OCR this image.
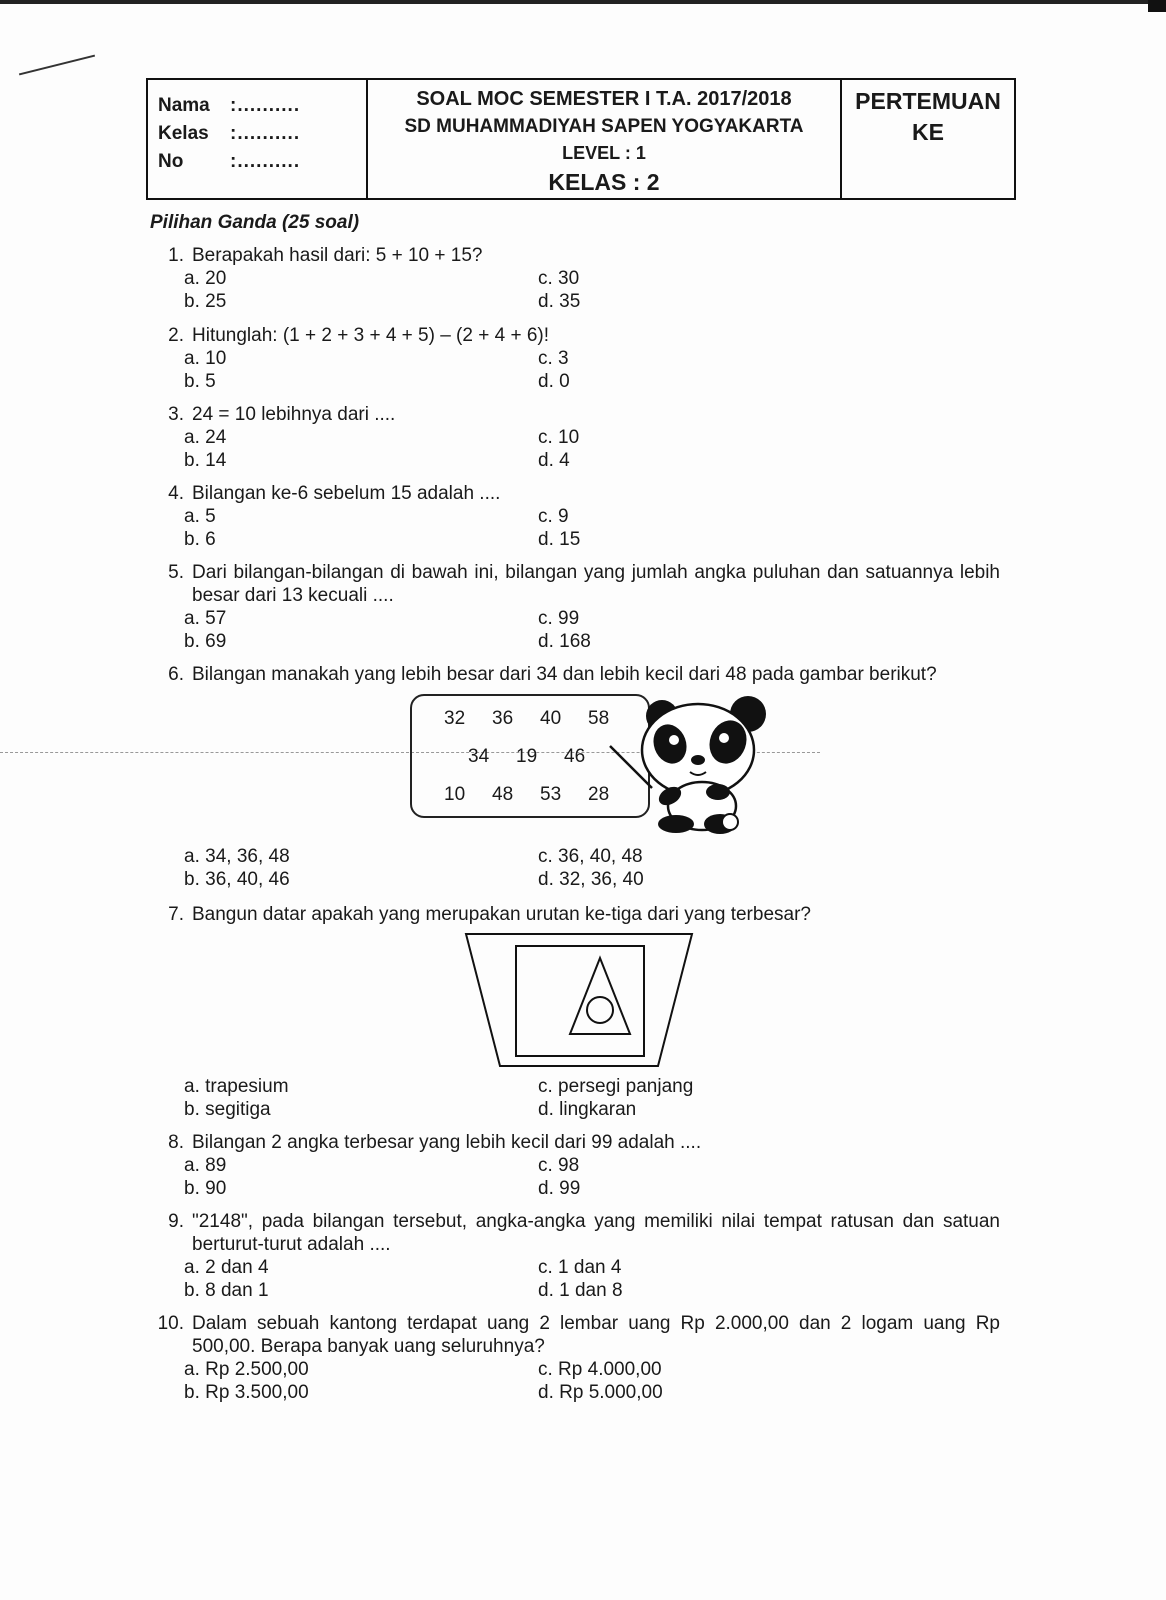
Nama	:..........
Kelas	:..........
No	:..........
SOAL MOC SEMESTER I T.A. 2017/2018
SD MUHAMMADIYAH SAPEN YOGYAKARTA
LEVEL : 1
KELAS : 2
PERTEMUAN
KE
Pilihan Ganda (25 soal)
1. Berapakah hasil dari: 5 + 10 + 15?
a. 20
b. 25
c. 30
d. 35
2. Hitunglah: (1 + 2 + 3 + 4 + 5) – (2 + 4 + 6)!
a. 10
b. 5
c. 3
d. 0
3. 24 = 10 lebihnya dari ....
a. 24
b. 14
c. 10
d. 4
4. Bilangan ke-6 sebelum 15 adalah ....
a. 5
b. 6
c. 9
d. 15
5. Dari bilangan-bilangan di bawah ini, bilangan yang jumlah angka puluhan dan satuannya lebih besar dari 13 kecuali ....
a. 57
b. 69
c. 99
d. 168
6. Bilangan manakah yang lebih besar dari 34 dan lebih kecil dari 48 pada gambar berikut?
32 36 40 58
34 19 46
10 48 53 28
a. 34, 36, 48
b. 36, 40, 46
c. 36, 40, 48
d. 32, 36, 40
7. Bangun datar apakah yang merupakan urutan ke-tiga dari yang terbesar?
a. trapesium
b. segitiga
c. persegi panjang
d. lingkaran
8. Bilangan 2 angka terbesar yang lebih kecil dari 99 adalah ....
a. 89
b. 90
c. 98
d. 99
9. "2148", pada bilangan tersebut, angka-angka yang memiliki nilai tempat ratusan dan satuan berturut-turut adalah ....
a. 2 dan 4
b. 8 dan 1
c. 1 dan 4
d. 1 dan 8
10. Dalam sebuah kantong terdapat uang 2 lembar uang Rp 2.000,00 dan 2 logam uang Rp 500,00. Berapa banyak uang seluruhnya?
a. Rp 2.500,00
b. Rp 3.500,00
c. Rp 4.000,00
d. Rp 5.000,00
